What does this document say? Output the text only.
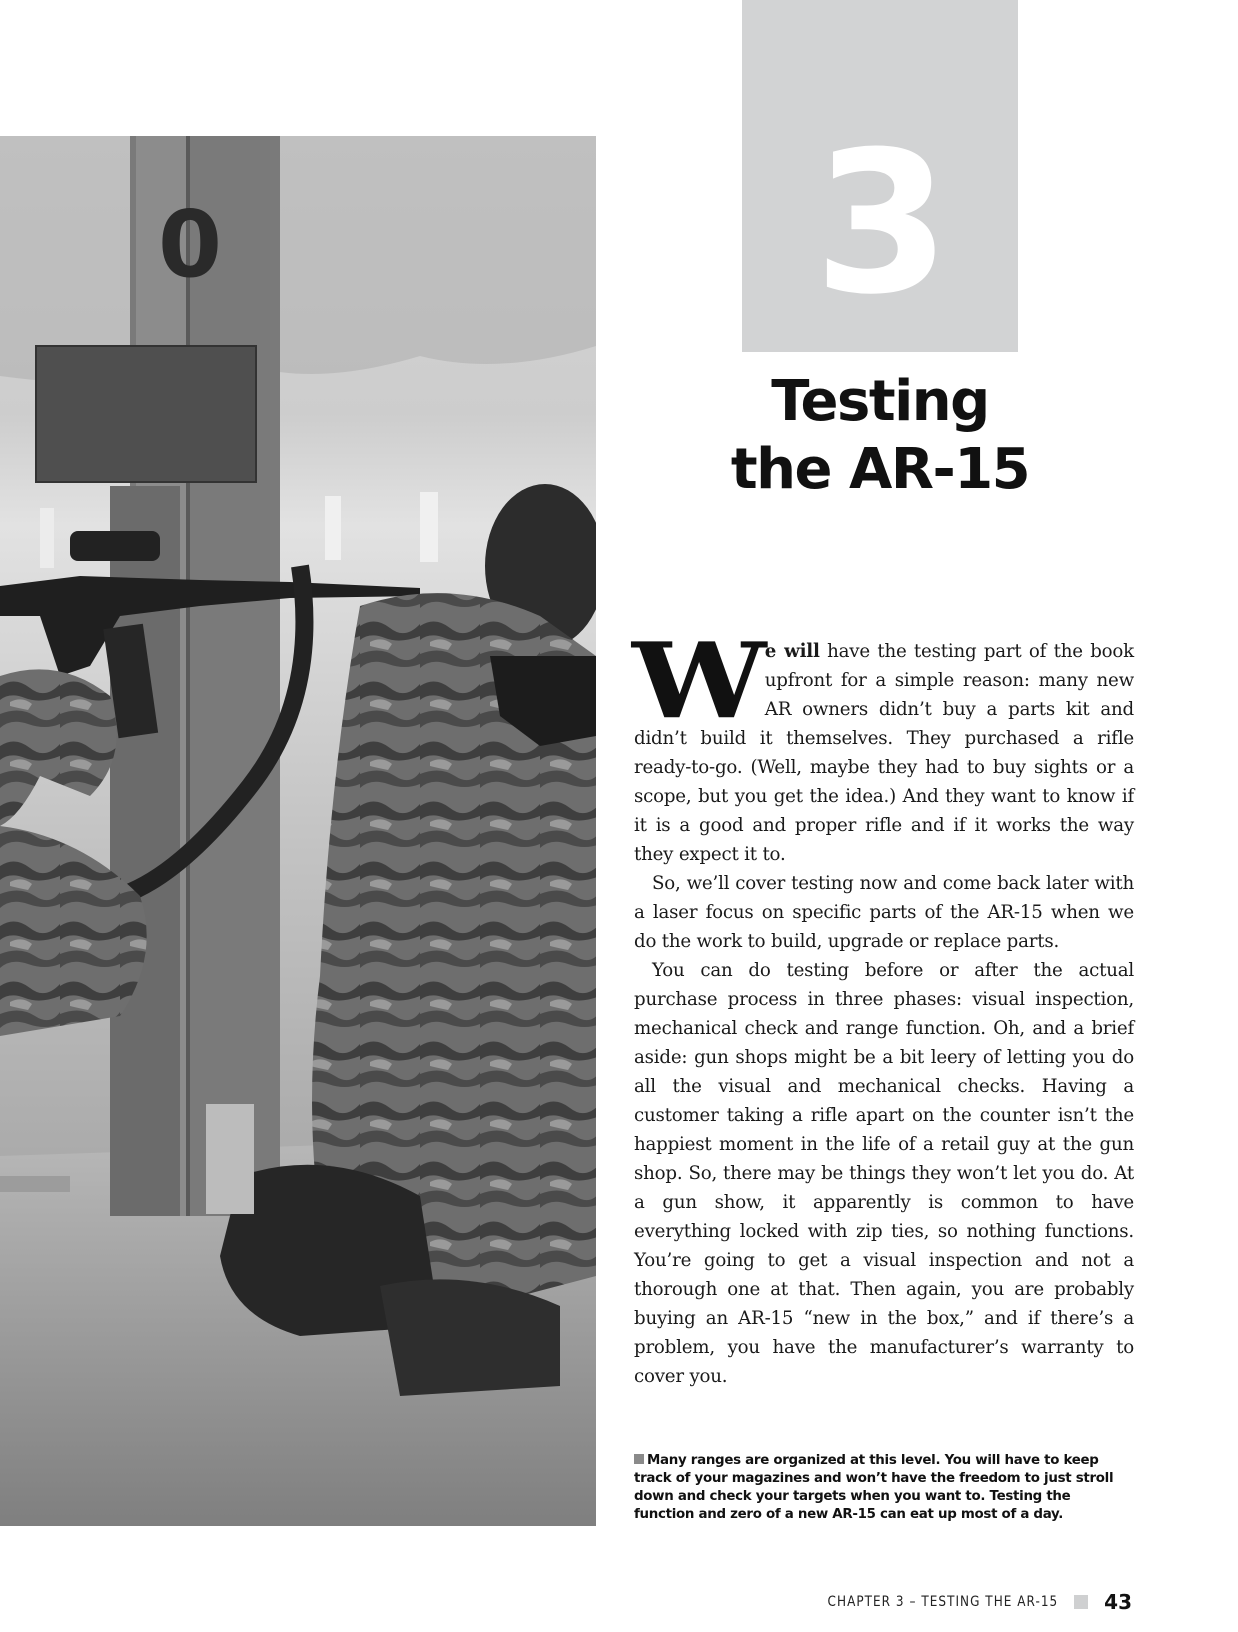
0	3
Testing
the AR-15

We will have the testing part of the book upfront for a simple reason: many new AR owners didn’t buy a parts kit and didn’t build it themselves. They purchased a rifle ready-to-go. (Well, maybe they had to buy sights or a scope, but you get the idea.) And they want to know if it is a good and proper rifle and if it works the way they expect it to.

So, we’ll cover testing now and come back later with a laser focus on specific parts of the AR-15 when we do the work to build, upgrade or replace parts.

You can do testing before or after the actual purchase process in three phases: visual inspection, mechanical check and range function. Oh, and a brief aside: gun shops might be a bit leery of letting you do all the visual and mechanical checks. Having a customer taking a rifle apart on the counter isn’t the happiest moment in the life of a retail guy at the gun shop. So, there may be things they won’t let you do. At a gun show, it apparently is common to have everything locked with zip ties, so nothing functions. You’re going to get a visual inspection and not a thorough one at that. Then again, you are probably buying an AR-15 “new in the box,” and if there’s a problem, you have the manufacturer’s warranty to cover you.

Many ranges are organized at this level. You will have to keep track of your magazines and won’t have the freedom to just stroll down and check your targets when you want to. Testing the function and zero of a new AR-15 can eat up most of a day.
CHAPTER 3 – TESTING THE AR-15 43
